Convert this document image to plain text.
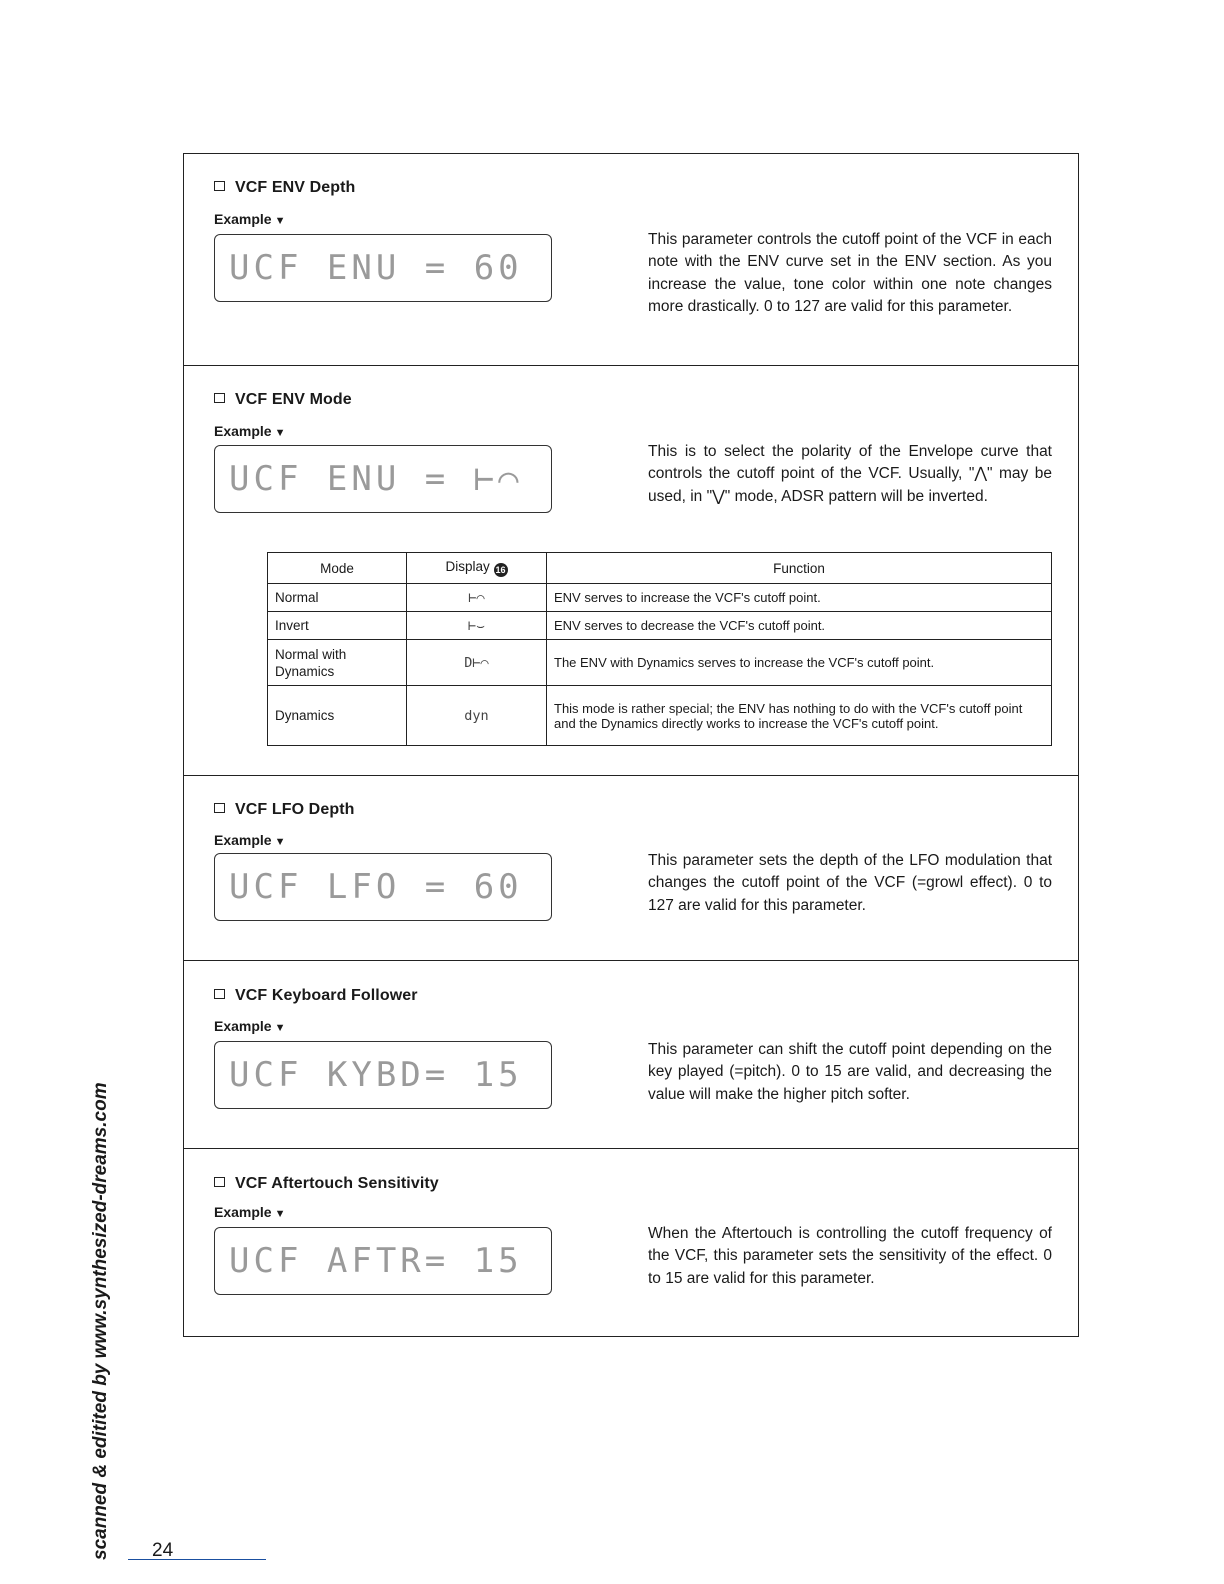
VCF ENV Depth
Example ▼
UCF ENU = 60
This parameter controls the cutoff point of the VCF in each note with the ENV curve set in the ENV section. As you increase the value, tone color within one note changes more drastically. 0 to 127 are valid for this parameter.
VCF ENV Mode
Example ▼
UCF ENU = ⊢⌒
This is to select the polarity of the Envelope curve that controls the cutoff point of the VCF. Usually, "⋀" may be used, in "⋁" mode, ADSR pattern will be inverted.
Mode	Display 16	Function
Normal	⊢⌒	ENV serves to increase the VCF's cutoff point.
Invert	⊢⌣	ENV serves to decrease the VCF's cutoff point.
Normal with Dynamics	D⊢⌒	The ENV with Dynamics serves to increase the VCF's cutoff point.
Dynamics	dyn	This mode is rather special; the ENV has nothing to do with the VCF's cutoff point and the Dynamics directly works to increase the VCF's cutoff point.
VCF LFO Depth
Example ▼
UCF LFO = 60
This parameter sets the depth of the LFO modulation that changes the cutoff point of the VCF (=growl effect). 0 to 127 are valid for this parameter.
VCF Keyboard Follower
Example ▼
UCF KYBD= 15
This parameter can shift the cutoff point depending on the key played (=pitch). 0 to 15 are valid, and decreasing the value will make the higher pitch softer.
VCF Aftertouch Sensitivity
Example ▼
UCF AFTR= 15
When the Aftertouch is controlling the cutoff frequency of the VCF, this parameter sets the sensitivity of the effect. 0 to 15 are valid for this parameter.
scanned & editited by www.synthesized-dreams.com 24
